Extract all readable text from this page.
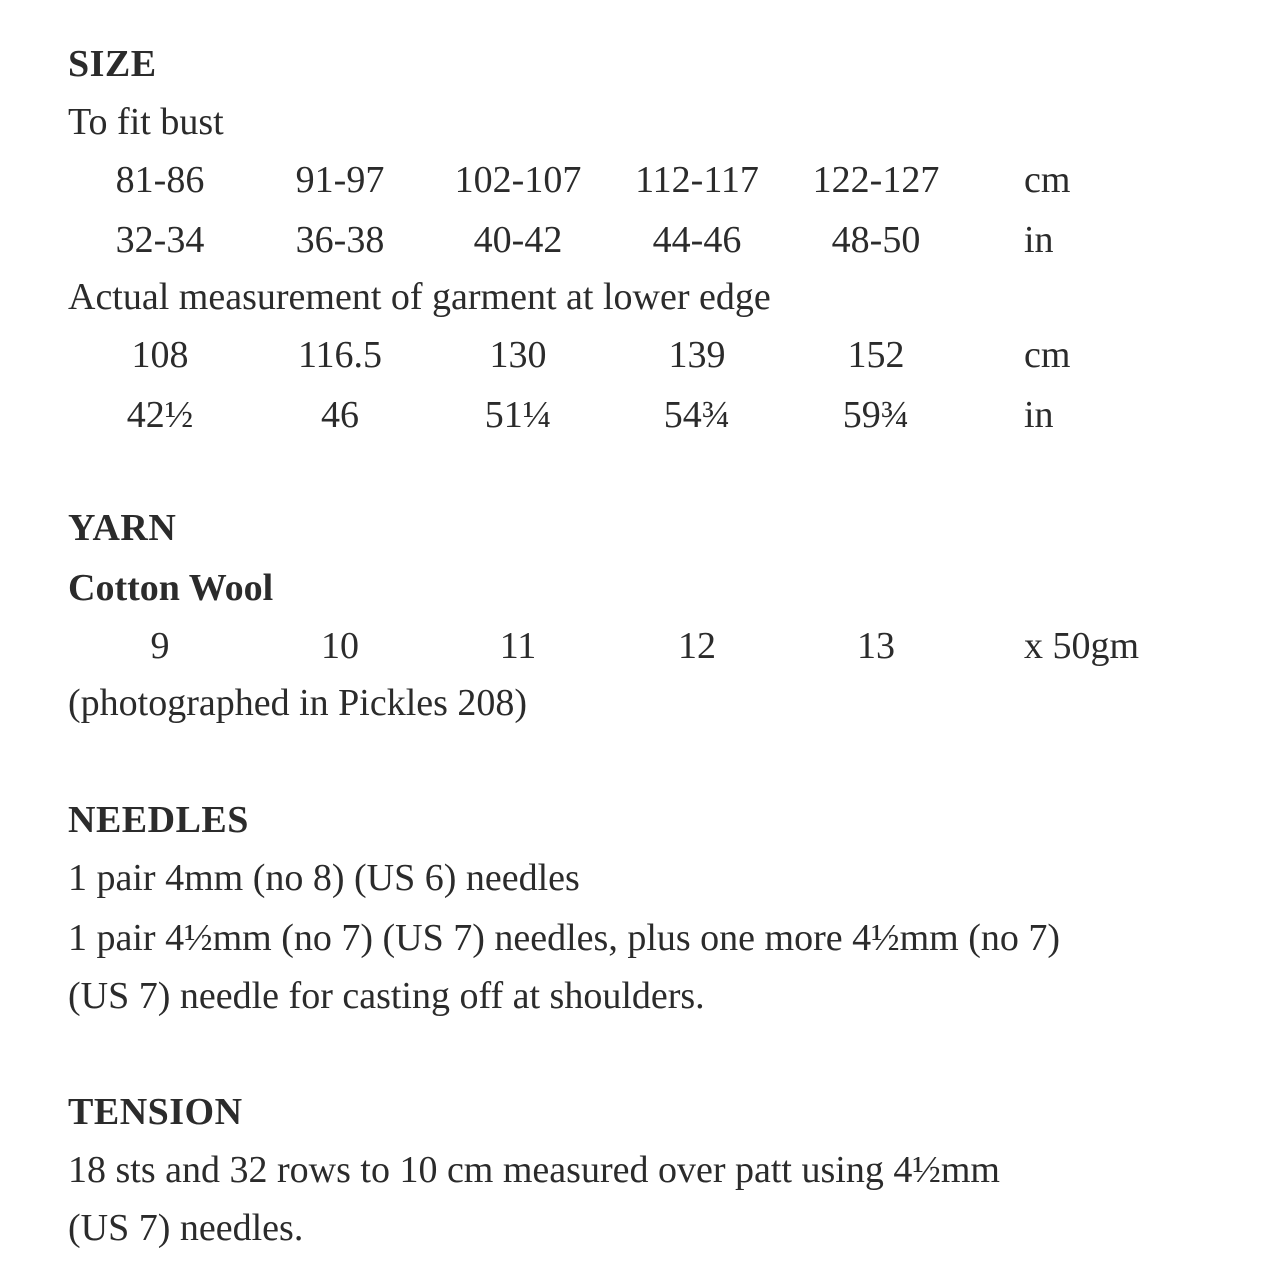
SIZE

To fit bust

81-86	91-97	102-107	112-117	122-127	cm
32-34	36-38	40-42	44-46	48-50	in

Actual measurement of garment at lower edge

108	116.5	130	139	152	cm
42½	46	51¼	54¾	59¾	in
YARN

Cotton Wool

9	10	11	12	13	x 50gm

(photographed in Pickles 208)

NEEDLES

1 pair 4mm (no 8) (US 6) needles

1 pair 4½mm (no 7) (US 7) needles, plus one more 4½mm (no 7)

(US 7) needle for casting off at shoulders.

TENSION

18 sts and 32 rows to 10 cm measured over patt using 4½mm

(US 7) needles.
